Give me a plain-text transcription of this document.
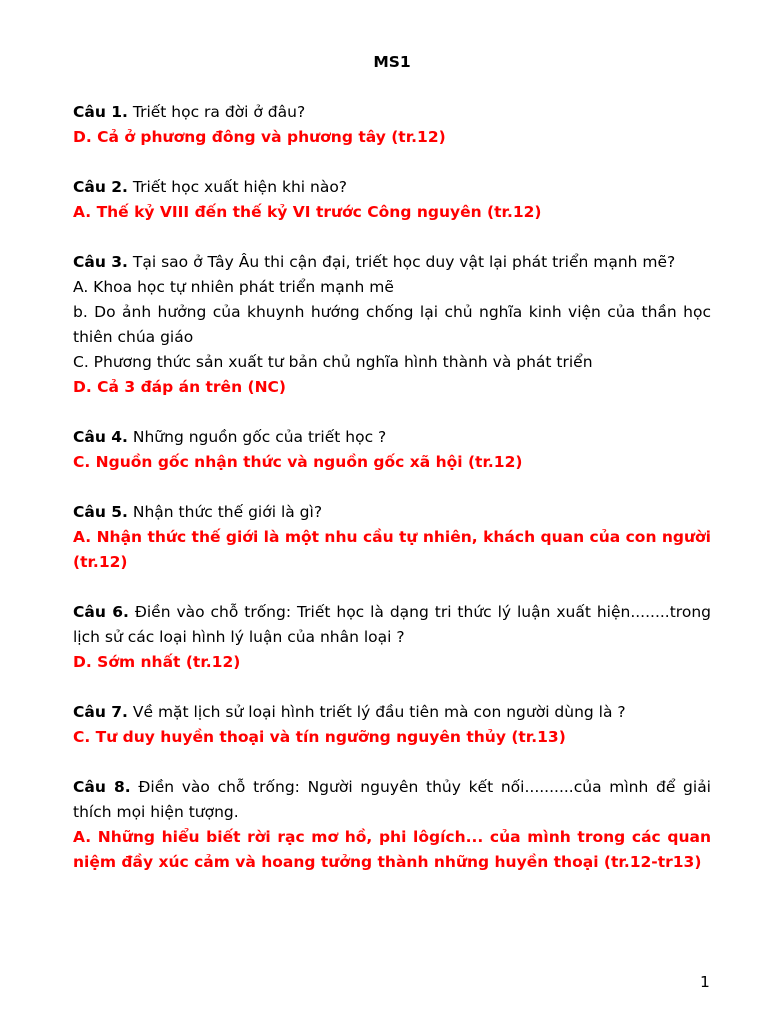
MS1

Câu 1. Triết học ra đời ở đâu?

D. Cả ở phương đông và phương tây (tr.12)

Câu 2. Triết học xuất hiện khi nào?

A. Thế kỷ VIII đến thế kỷ VI trước Công nguyên (tr.12)

Câu 3. Tại sao ở Tây Âu thi cận đại, triết học duy vật lại phát triển mạnh mẽ?

A. Khoa học tự nhiên phát triển mạnh mẽ

b. Do ảnh hưởng của khuynh hướng chống lại chủ nghĩa kinh viện của thần học thiên chúa giáo

C. Phương thức sản xuất tư bản chủ nghĩa hình thành và phát triển

D. Cả 3 đáp án trên (NC)

Câu 4. Những nguồn gốc của triết học ?

C. Nguồn gốc nhận thức và nguồn gốc xã hội (tr.12)

Câu 5. Nhận thức thế giới là gì?

A. Nhận thức thế giới là một nhu cầu tự nhiên, khách quan của con người (tr.12)

Câu 6. Điền vào chỗ trống: Triết học là dạng tri thức lý luận xuất hiện........trong lịch sử các loại hình lý luận của nhân loại ?

D. Sớm nhất (tr.12)

Câu 7. Về mặt lịch sử loại hình triết lý đầu tiên mà con người dùng là ?

C. Tư duy huyền thoại và tín ngưỡng nguyên thủy (tr.13)

Câu 8. Điền vào chỗ trống: Người nguyên thủy kết nối..........của mình để giải thích mọi hiện tượng.

A. Những hiểu biết rời rạc mơ hồ, phi lôgích... của mình trong các quan niệm đầy xúc cảm và hoang tưởng thành những huyền thoại (tr.12-tr13)

1
